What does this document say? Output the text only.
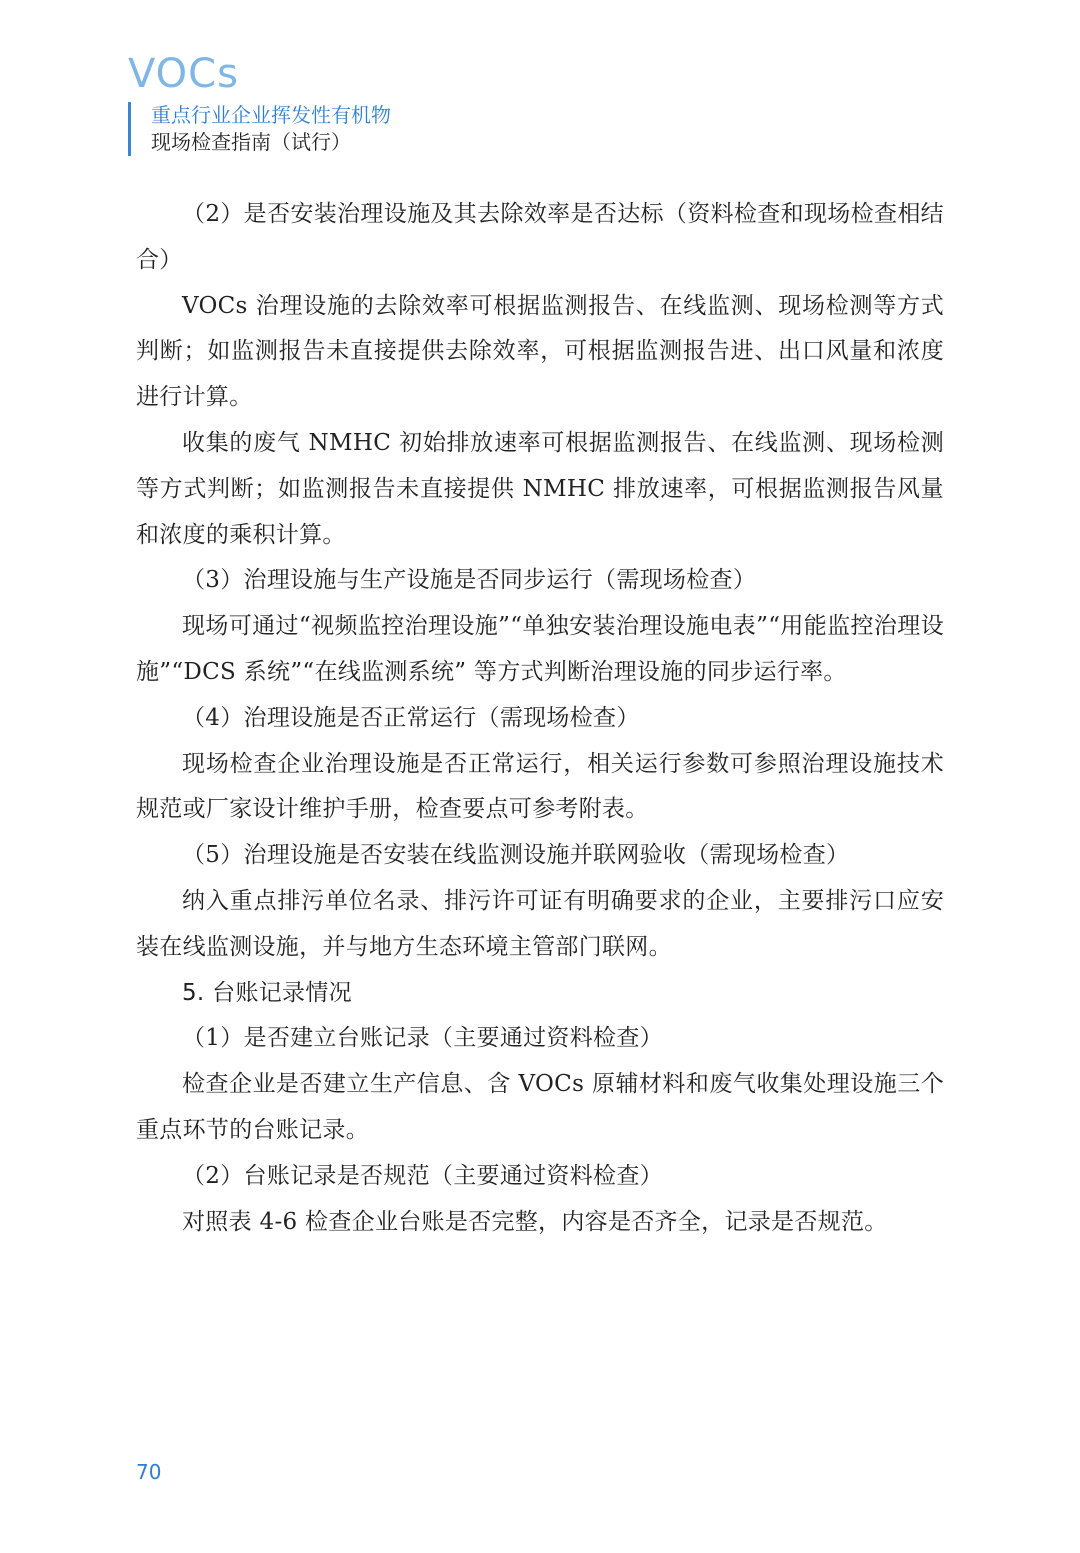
VOCs
重点行业企业挥发性有机物
现场检查指南（试行）

（2）是否安装治理设施及其去除效率是否达标（资料检查和现场检查相结合）

VOCs 治理设施的去除效率可根据监测报告、在线监测、现场检测等方式判断；如监测报告未直接提供去除效率，可根据监测报告进、出口风量和浓度进行计算。

收集的废气 NMHC 初始排放速率可根据监测报告、在线监测、现场检测等方式判断；如监测报告未直接提供 NMHC 排放速率，可根据监测报告风量和浓度的乘积计算。

（3）治理设施与生产设施是否同步运行（需现场检查）

现场可通过“视频监控治理设施”“单独安装治理设施电表”“用能监控治理设施”“DCS 系统”“在线监测系统” 等方式判断治理设施的同步运行率。

（4）治理设施是否正常运行（需现场检查）

现场检查企业治理设施是否正常运行，相关运行参数可参照治理设施技术规范或厂家设计维护手册，检查要点可参考附表。

（5）治理设施是否安装在线监测设施并联网验收（需现场检查）

纳入重点排污单位名录、排污许可证有明确要求的企业，主要排污口应安装在线监测设施，并与地方生态环境主管部门联网。

5. 台账记录情况

（1）是否建立台账记录（主要通过资料检查）

检查企业是否建立生产信息、含 VOCs 原辅材料和废气收集处理设施三个重点环节的台账记录。

（2）台账记录是否规范（主要通过资料检查）

对照表 4-6 检查企业台账是否完整，内容是否齐全，记录是否规范。

70
